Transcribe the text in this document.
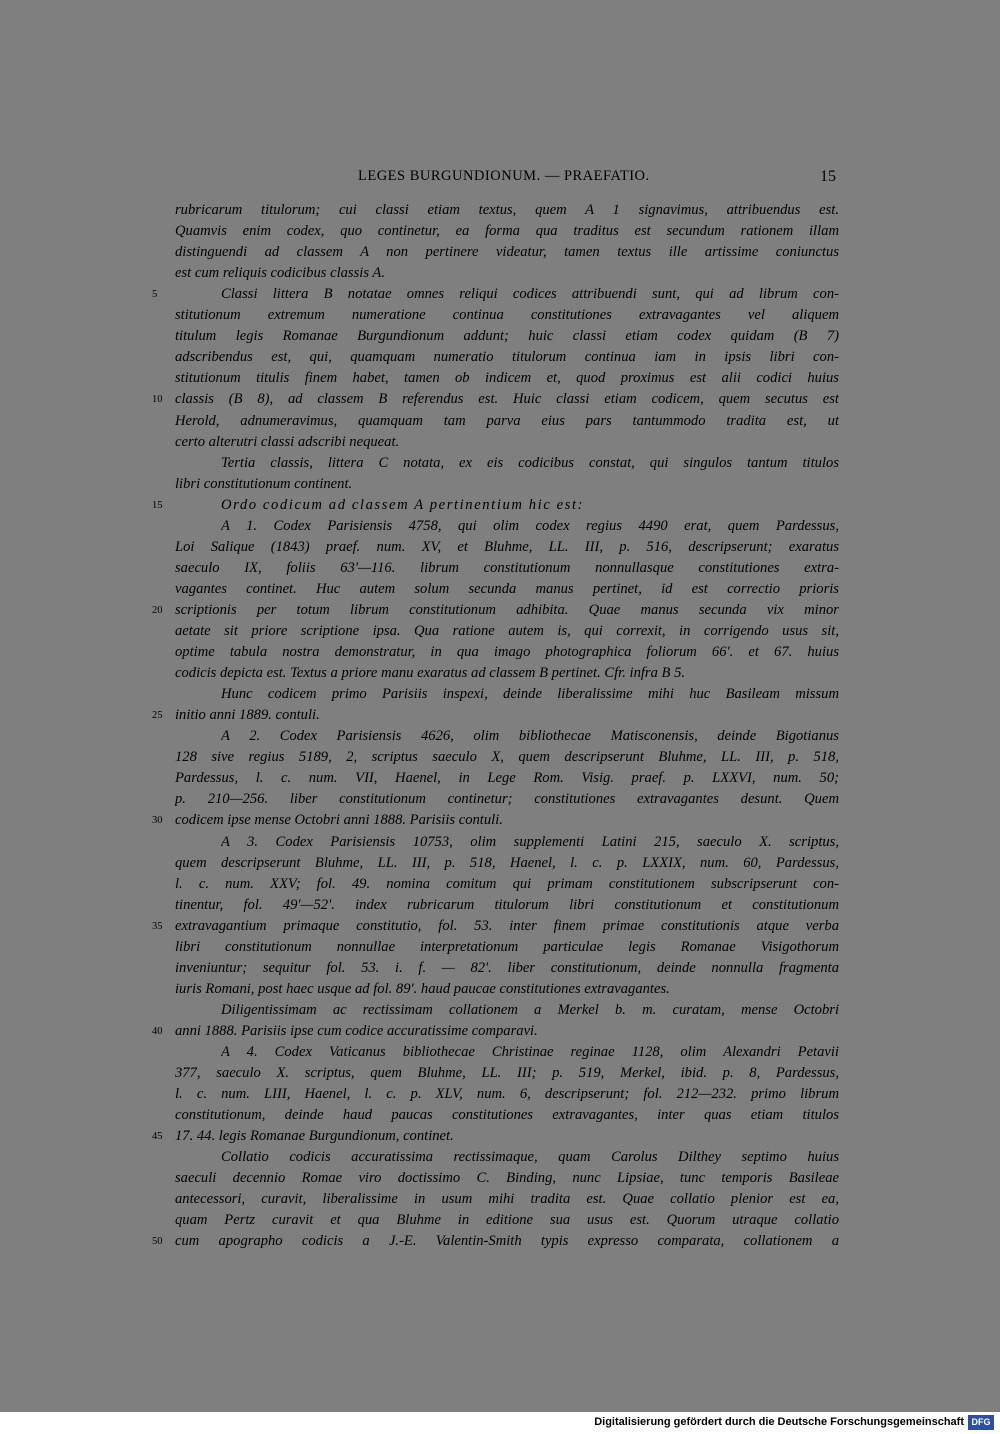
LEGES BURGUNDIONUM. — PRAEFATIO.	15
rubricarum titulorum; cui classi etiam textus, quem A 1 signavimus, attribuendus est.
Quamvis enim codex, quo continetur, ea forma qua traditus est secundum rationem illam
distinguendi ad classem A non pertinere videatur, tamen textus ille artissime coniunctus
est cum reliquis codicibus classis A.
Classi littera B notatae omnes reliqui codices attribuendi sunt, qui ad librum con-
stitutionum extremum numeratione continua constitutiones extravagantes vel aliquem
titulum legis Romanae Burgundionum addunt; huic classi etiam codex quidam (B 7)
adscribendus est, qui, quamquam numeratio titulorum continua iam in ipsis libri con-
stitutionum titulis finem habet, tamen ob indicem et, quod proximus est alii codici huius
classis (B 8), ad classem B referendus est. Huic classi etiam codicem, quem secutus est
Herold, adnumeravimus, quamquam tam parva eius pars tantummodo tradita est, ut
certo alterutri classi adscribi nequeat.
Tertia classis, littera C notata, ex eis codicibus constat, qui singulos tantum titulos
libri constitutionum continent.
Ordo codicum ad classem A pertinentium hic est:
A 1. Codex Parisiensis 4758, qui olim codex regius 4490 erat, quem Pardessus,
Loi Salique (1843) praef. num. XV, et Bluhme, LL. III, p. 516, descripserunt; exaratus
saeculo IX, foliis 63'—116. librum constitutionum nonnullasque constitutiones extra-
vagantes continet. Huc autem solum secunda manus pertinet, id est correctio prioris
scriptionis per totum librum constitutionum adhibita. Quae manus secunda vix minor
aetate sit priore scriptione ipsa. Qua ratione autem is, qui correxit, in corrigendo usus sit,
optime tabula nostra demonstratur, in qua imago photographica foliorum 66'. et 67. huius
codicis depicta est. Textus a priore manu exaratus ad classem B pertinet. Cfr. infra B 5.
Hunc codicem primo Parisiis inspexi, deinde liberalissime mihi huc Basileam missum
initio anni 1889. contuli.
A 2. Codex Parisiensis 4626, olim bibliothecae Matisconensis, deinde Bigotianus
128 sive regius 5189, 2, scriptus saeculo X, quem descripserunt Bluhme, LL. III, p. 518,
Pardessus, l. c. num. VII, Haenel, in Lege Rom. Visig. praef. p. LXXVI, num. 50;
p. 210—256. liber constitutionum continetur; constitutiones extravagantes desunt. Quem
codicem ipse mense Octobri anni 1888. Parisiis contuli.
A 3. Codex Parisiensis 10753, olim supplementi Latini 215, saeculo X. scriptus,
quem descripserunt Bluhme, LL. III, p. 518, Haenel, l. c. p. LXXIX, num. 60, Pardessus,
l. c. num. XXV; fol. 49. nomina comitum qui primam constitutionem subscripserunt con-
tinentur, fol. 49'—52'. index rubricarum titulorum libri constitutionum et constitutionum
extravagantium primaque constitutio, fol. 53. inter finem primae constitutionis atque verba
libri constitutionum nonnullae interpretationum particulae legis Romanae Visigothorum
inveniuntur; sequitur fol. 53. i. f. — 82'. liber constitutionum, deinde nonnulla fragmenta
iuris Romani, post haec usque ad fol. 89'. haud paucae constitutiones extravagantes.
Diligentissimam ac rectissimam collationem a Merkel b. m. curatam, mense Octobri
anni 1888. Parisiis ipse cum codice accuratissime comparavi.
A 4. Codex Vaticanus bibliothecae Christinae reginae 1128, olim Alexandri Petavii
377, saeculo X. scriptus, quem Bluhme, LL. III; p. 519, Merkel, ibid. p. 8, Pardessus,
l. c. num. LIII, Haenel, l. c. p. XLV, num. 6, descripserunt; fol. 212—232. primo librum
constitutionum, deinde haud paucas constitutiones extravagantes, inter quas etiam titulos
17. 44. legis Romanae Burgundionum, continet.
Collatio codicis accuratissima rectissimaque, quam Carolus Dilthey septimo huius
saeculi decennio Romae viro doctissimo C. Binding, nunc Lipsiae, tunc temporis Basileae
antecessori, curavit, liberalissime in usum mihi tradita est. Quae collatio plenior est ea,
quam Pertz curavit et qua Bluhme in editione sua usus est. Quorum utraque collatio
cum apographo codicis a J.-E. Valentin-Smith typis expresso comparata, collationem a
5
10
15
20
25
30
35
40
45
50
Digitalisierung gefördert durch die Deutsche Forschungsgemeinschaft DFG
